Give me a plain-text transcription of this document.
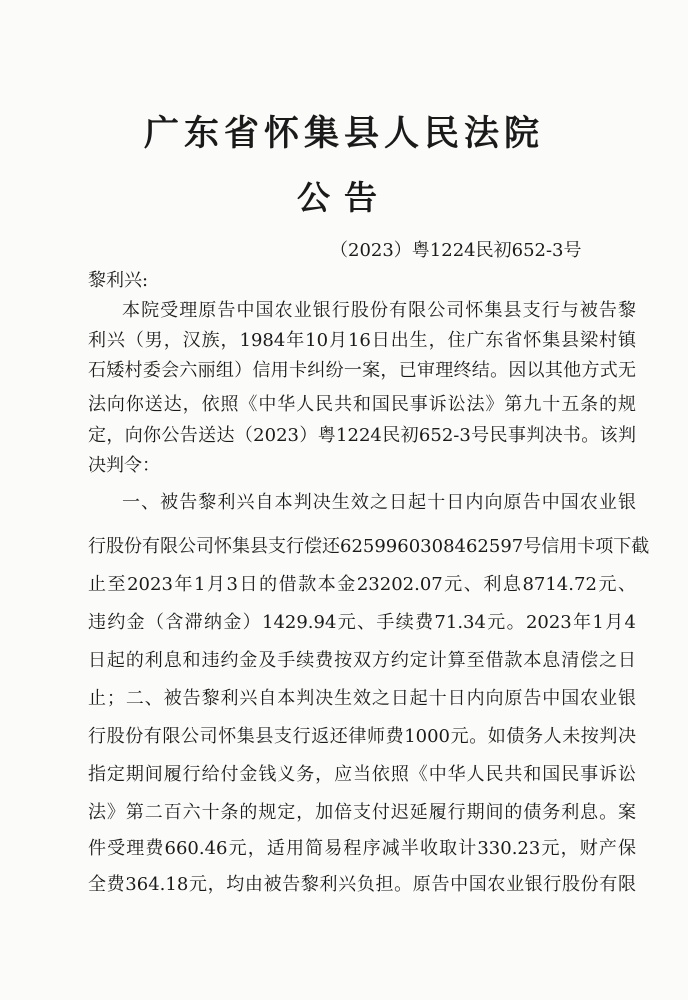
广东省怀集县人民法院
公告
（2023）粤1224民初652-3号
黎利兴:
本院受理原告中国农业银行股份有限公司怀集县支行与被告黎
利兴（男，汉族，1984年10月16日出生，住广东省怀集县梁村镇
石矮村委会六丽组）信用卡纠纷一案，已审理终结。因以其他方式无
法向你送达，依照《中华人民共和国民事诉讼法》第九十五条的规
定，向你公告送达（2023）粤1224民初652-3号民事判决书。该判
决判令：
一、被告黎利兴自本判决生效之日起十日内向原告中国农业银
行股份有限公司怀集县支行偿还6259960308462597号信用卡项下截
止至2023年1月3日的借款本金23202.07元、利息8714.72元、
违约金（含滞纳金）1429.94元、手续费71.34元。2023年1月4
日起的利息和违约金及手续费按双方约定计算至借款本息清偿之日
止；二、被告黎利兴自本判决生效之日起十日内向原告中国农业银
行股份有限公司怀集县支行返还律师费1000元。如债务人未按判决
指定期间履行给付金钱义务，应当依照《中华人民共和国民事诉讼
法》第二百六十条的规定，加倍支付迟延履行期间的债务利息。案
件受理费660.46元，适用简易程序减半收取计330.23元，财产保
全费364.18元，均由被告黎利兴负担。原告中国农业银行股份有限
